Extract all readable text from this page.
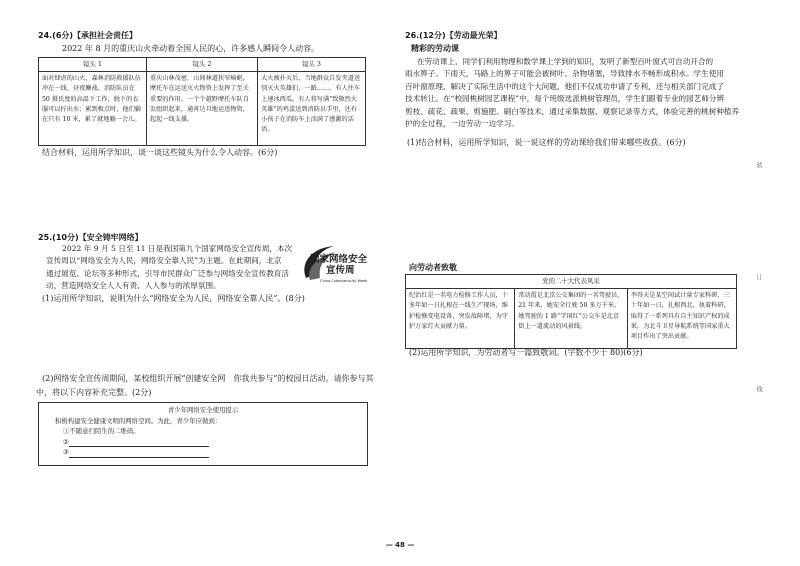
24.(6分)【承担社会责任】
2022 年 8 月的重庆山火牵动着全国人民的心，许多感人瞬间令人动容。
镜头 1	镜头 2	镜头 3
面对肆虐的山火，森林消防救援队伍冲在一线、昼夜鏖战。消防队员在 50 摄氏度的高温下工作，脱下的衣服可以拧出水；累到极点时，他们躺在只有 10 米，累了就地躺一会儿。	重庆山林茂密，山间林道狭窄崎岖，摩托车在运送灭火物资上发挥了至关重要的作用。一个个越野摩托车队自发组织起来，通宵达旦地运送物资，起起一线支援。	大火被扑灭后，当地群众自发夹道送别灭火英雄们，一路……。有人往车上递冰西瓜。有人将写满“致敬烈火英雄”的鸡蛋送到消防员手里，还有小孩子在消防车上涂满了感激的话语。
结合材料，运用所学知识，谈一谈这些镜头为什么令人动容。(6分)
25.(10分)【安全铸牢网络】
2022 年 9 月 5 日至 11 日是我国第九个国家网络安全宣传周，本次
宣传周以“网络安全为人民，网络安全靠人民”为主题。在此期间，北京
通过展览、论坛等多种形式，引导市民群众广泛参与网络安全宣传教育活
动，营造网络安全人人有责、人人参与的浓厚氛围。
国家网络安全
宣传周
China Cybersecurity Week
(1)运用所学知识，说明为什么“网络安全为人民，网络安全靠人民”。(8分)
(2)网络安全宣传周期间，某校组织开展“创建安全网　你我共参与”的校园日活动。请你参与其
中，将以下内容补充完整。(2分)
青少年网络安全使用提示
积极构建安全健康文明的网络空间。为此，青少年应做到：
①不随意扫陌生的二维码。
②
③
26.(12分)【劳动最光荣】
精彩的劳动课
在劳动课上，同学们利用物理和数学课上学到的知识，发明了新型百叶窗式可自动开合的
雨水箅子。下雨天，马路上的箅子可能会被树叶、杂物堵塞，导致排水不畅形成积水。学生使用
百叶窗原理，解决了实际生活中的这个大问题，他们不仅成功申请了专利，还与相关部门完成了
技术转让。在“校园桃树园艺课程”中，每个班级选派桃树管理员，学生们跟着专业的园艺师分辨
剪枝、疏花、疏果、剪施肥、刷白等技术，通过采集数据、观察记录等方式，体验完善的桃树种植养
护的全过程，一边劳动一边学习。
(1)结合材料，运用所学知识，说一说这样的劳动课给我们带来哪些收获。(6分)
向劳动者致敬
党的二十大代表风采
纪治红是一名电力检修工作人员，十多年如一日扎根在一线生产现场，维护检修变电设备，突发故障堵，为守护万家灯火贡献力量。	常动霞是北京公交集团的一名驾驶员，21 年来，她安全行驶 50 多万千米，她驾驶的 1 路“学国红”公交车是北京街上一道流动的风景线。	李得天是某空间试计量专家科研，三十年如一日，扎根西北，执着科研，取得了一系列具有自主知识产权的成果，为北斗卫星导航系统等国家重大项目作出了突出贡献。
(2)运用所学知识，为劳动者写一篇致敬词。(字数不少于 80)(6分)
装
订
线
— 48 —
